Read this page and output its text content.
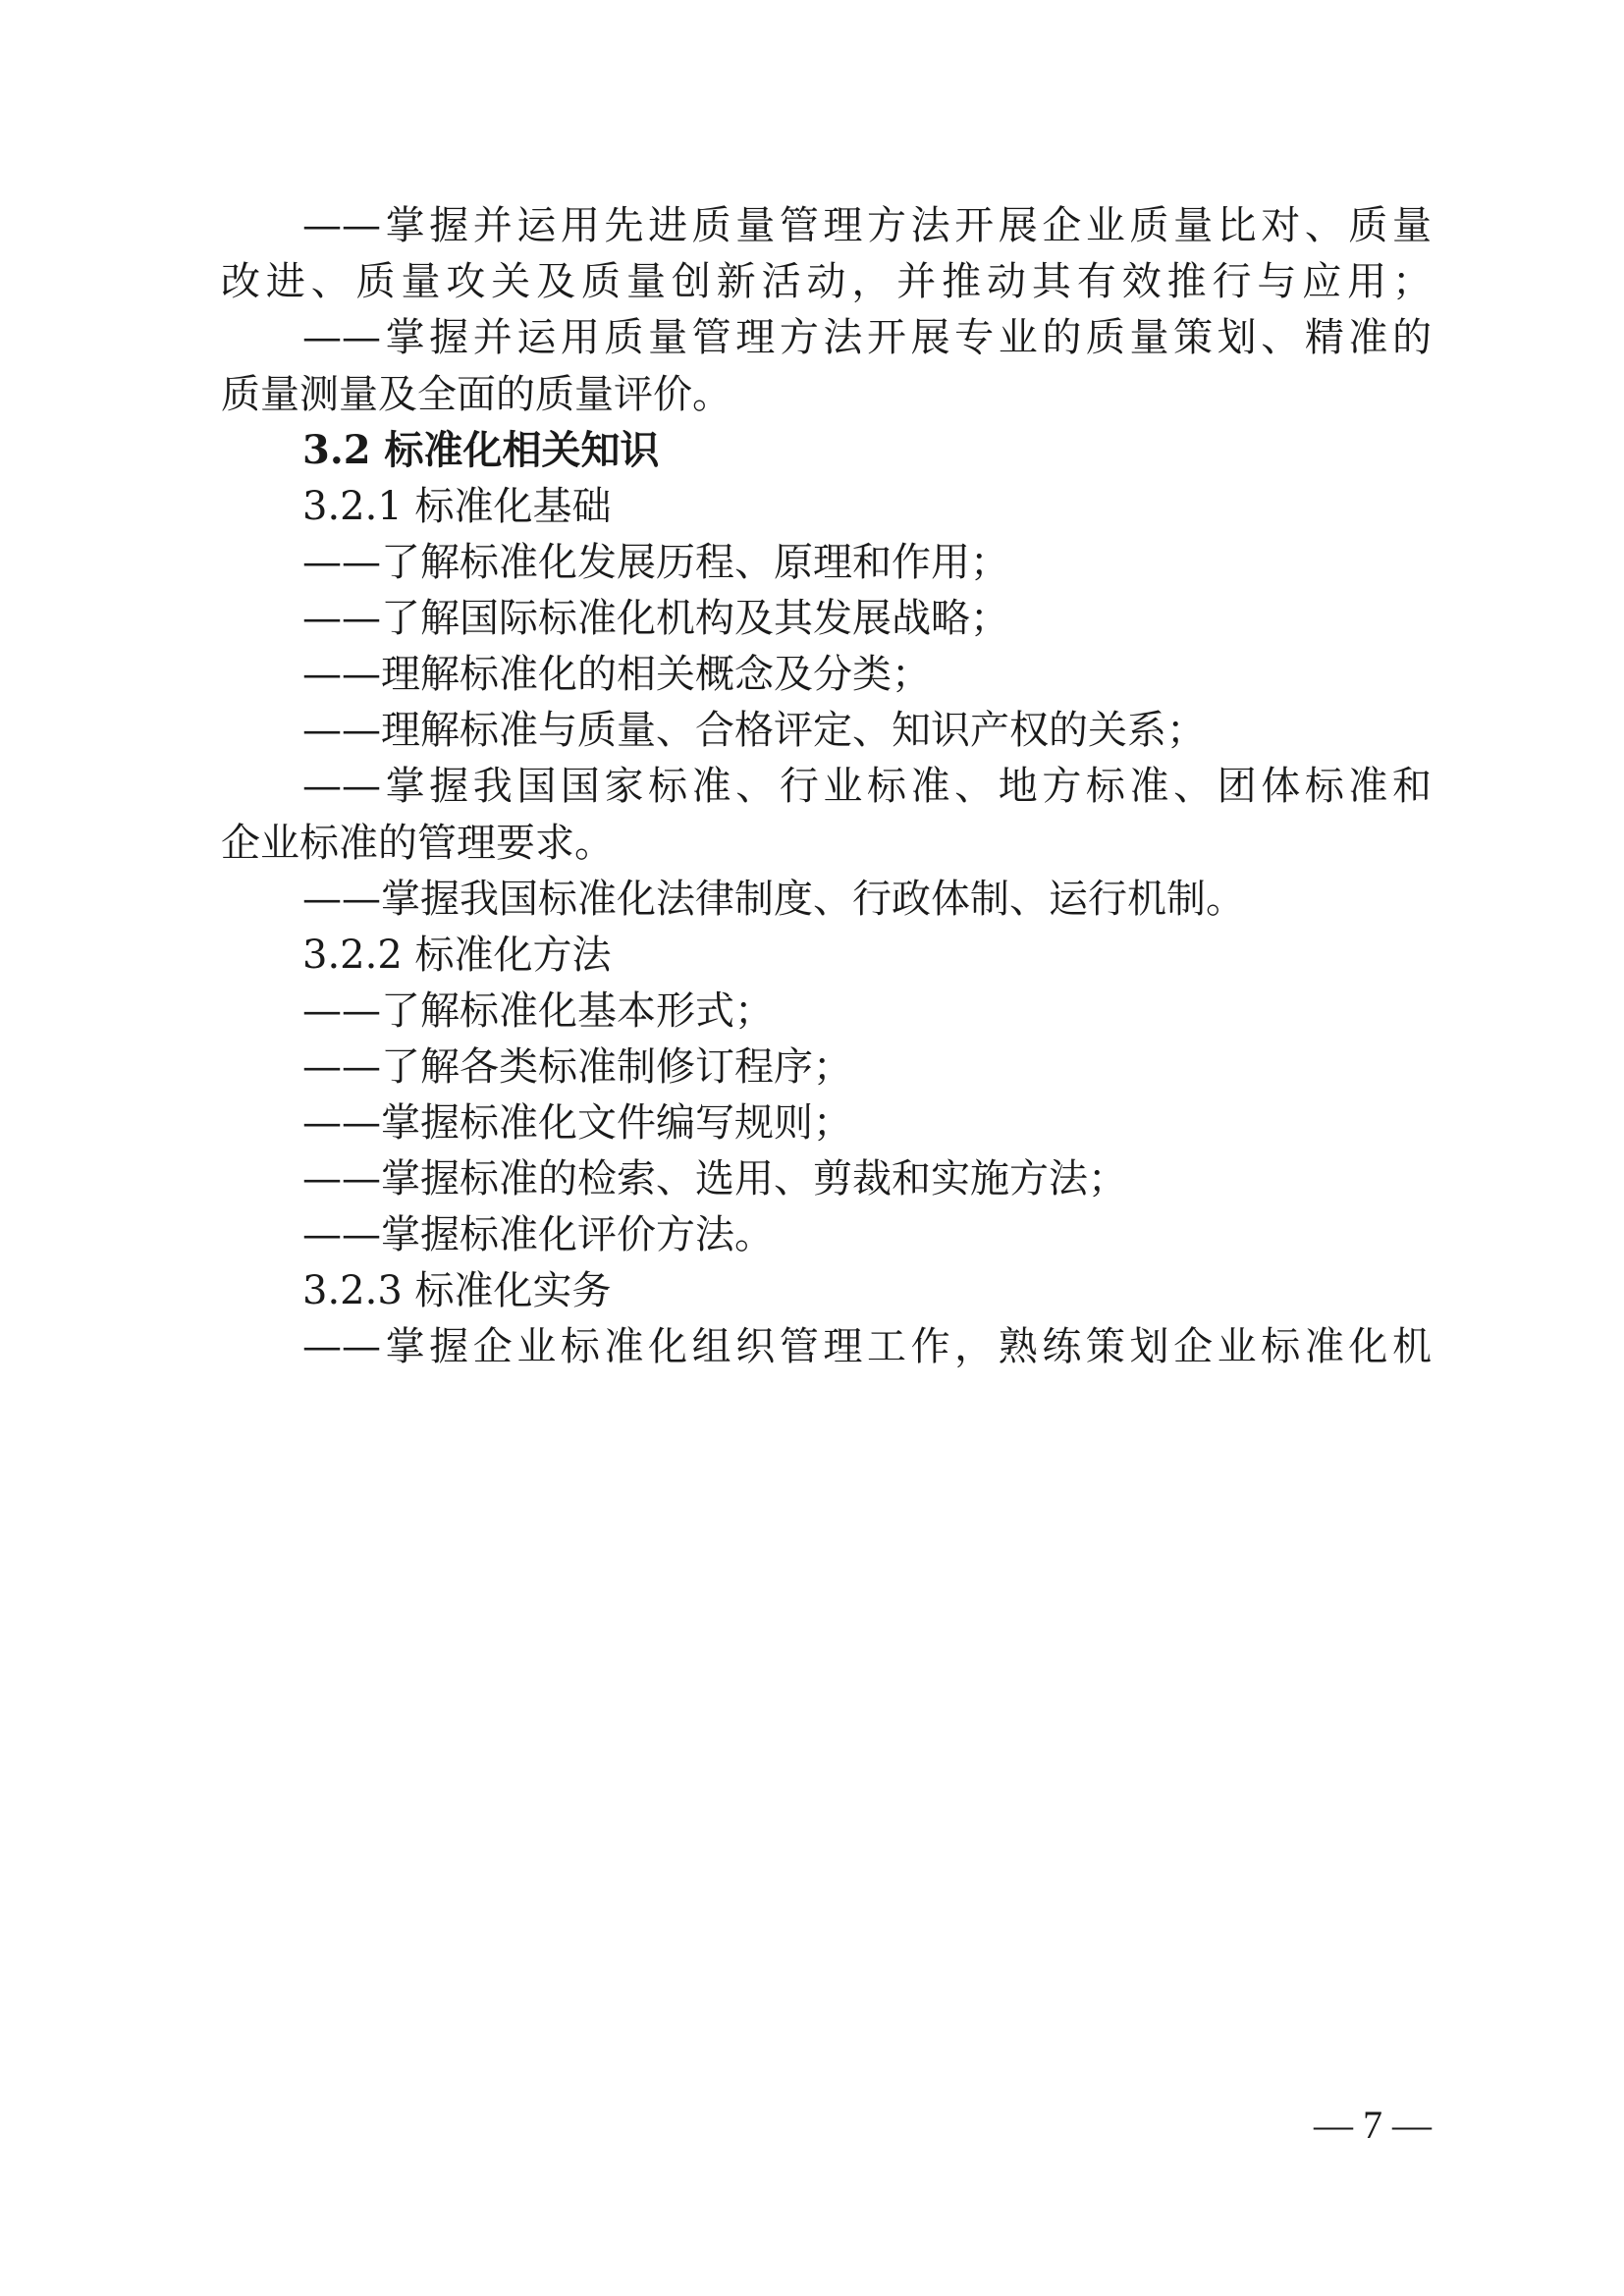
——掌握并运用先进质量管理方法开展企业质量比对、质量
改进、质量攻关及质量创新活动，并推动其有效推行与应用；
——掌握并运用质量管理方法开展专业的质量策划、精准的
质量测量及全面的质量评价。
3.2 标准化相关知识
3.2.1 标准化基础
——了解标准化发展历程、原理和作用；
——了解国际标准化机构及其发展战略；
——理解标准化的相关概念及分类；
——理解标准与质量、合格评定、知识产权的关系；
——掌握我国国家标准、行业标准、地方标准、团体标准和
企业标准的管理要求。
——掌握我国标准化法律制度、行政体制、运行机制。
3.2.2 标准化方法
——了解标准化基本形式；
——了解各类标准制修订程序；
——掌握标准化文件编写规则；
——掌握标准的检索、选用、剪裁和实施方法；
——掌握标准化评价方法。
3.2.3 标准化实务
——掌握企业标准化组织管理工作，熟练策划企业标准化机
— 7 —
